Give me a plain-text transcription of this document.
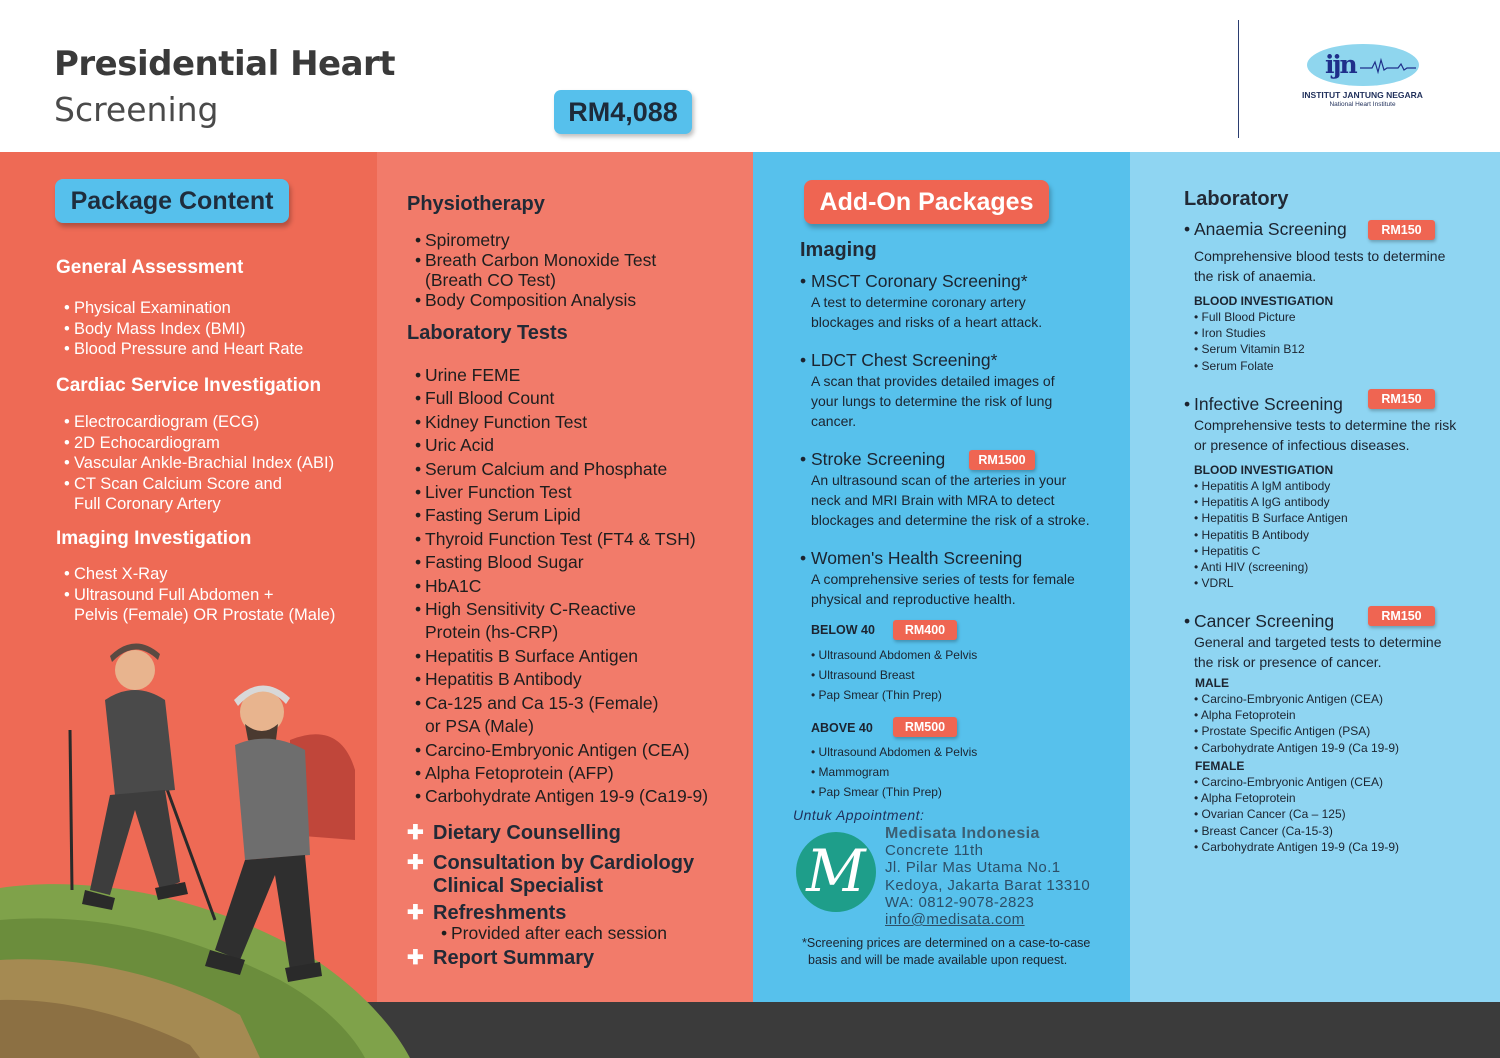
Presidential Heart
Screening	RM4,088
ijn
INSTITUT JANTUNG NEGARA
National Heart Institute
Package Content
General Assessment
• Physical Examination
• Body Mass Index (BMI)
• Blood Pressure and Heart Rate
Cardiac Service Investigation
• Electrocardiogram (ECG)
• 2D Echocardiogram
• Vascular Ankle-Brachial Index (ABI)
• CT Scan Calcium Score and
Full Coronary Artery
Imaging Investigation
• Chest X-Ray
• Ultrasound Full Abdomen +
Pelvis (Female) OR Prostate (Male)
Physiotherapy
• Spirometry
• Breath Carbon Monoxide Test
(Breath CO Test)
• Body Composition Analysis
Laboratory Tests
• Urine FEME
• Full Blood Count
• Kidney Function Test
• Uric Acid
• Serum Calcium and Phosphate
• Liver Function Test
• Fasting Serum Lipid
• Thyroid Function Test (FT4 & TSH)
• Fasting Blood Sugar
• HbA1C
• High Sensitivity C-Reactive
Protein (hs-CRP)
• Hepatitis B Surface Antigen
• Hepatitis B Antibody
• Ca-125 and Ca 15-3 (Female)
or PSA (Male)
• Carcino-Embryonic Antigen (CEA)
• Alpha Fetoprotein (AFP)
• Carbohydrate Antigen 19-9 (Ca19-9)
✚ Dietary Counselling
✚ Consultation by Cardiology
Clinical Specialist
✚ Refreshments
• Provided after each session
✚ Report Summary
Add-On Packages
Imaging
• MSCT Coronary Screening*
A test to determine coronary artery
blockages and risks of a heart attack.
• LDCT Chest Screening*
A scan that provides detailed images of
your lungs to determine the risk of lung
cancer.
• Stroke Screening	RM1500
An ultrasound scan of the arteries in your
neck and MRI Brain with MRA to detect
blockages and determine the risk of a stroke.
• Women's Health Screening
A comprehensive series of tests for female
physical and reproductive health.
BELOW 40	RM400
• Ultrasound Abdomen & Pelvis
• Ultrasound Breast
• Pap Smear (Thin Prep)
ABOVE 40	RM500
• Ultrasound Abdomen & Pelvis
• Mammogram
• Pap Smear (Thin Prep)
Untuk Appointment:
M
Medisata Indonesia
Concrete 11th
Jl. Pilar Mas Utama No.1
Kedoya, Jakarta Barat 13310
WA: 0812-9078-2823
info@medisata.com
*Screening prices are determined on a case-to-case
basis and will be made available upon request.
Laboratory
• Anaemia Screening	RM150
Comprehensive blood tests to determine
the risk of anaemia.
BLOOD INVESTIGATION
• Full Blood Picture
• Iron Studies
• Serum Vitamin B12
• Serum Folate
• Infective Screening	RM150
Comprehensive tests to determine the risk
or presence of infectious diseases.
BLOOD INVESTIGATION
• Hepatitis A IgM antibody
• Hepatitis A IgG antibody
• Hepatitis B Surface Antigen
• Hepatitis B Antibody
• Hepatitis C
• Anti HIV (screening)
• VDRL
• Cancer Screening	RM150
General and targeted tests to determine
the risk or presence of cancer.
MALE
• Carcino-Embryonic Antigen (CEA)
• Alpha Fetoprotein
• Prostate Specific Antigen (PSA)
• Carbohydrate Antigen 19-9 (Ca 19-9)
FEMALE
• Carcino-Embryonic Antigen (CEA)
• Alpha Fetoprotein
• Ovarian Cancer (Ca – 125)
• Breast Cancer (Ca-15-3)
• Carbohydrate Antigen 19-9 (Ca 19-9)
